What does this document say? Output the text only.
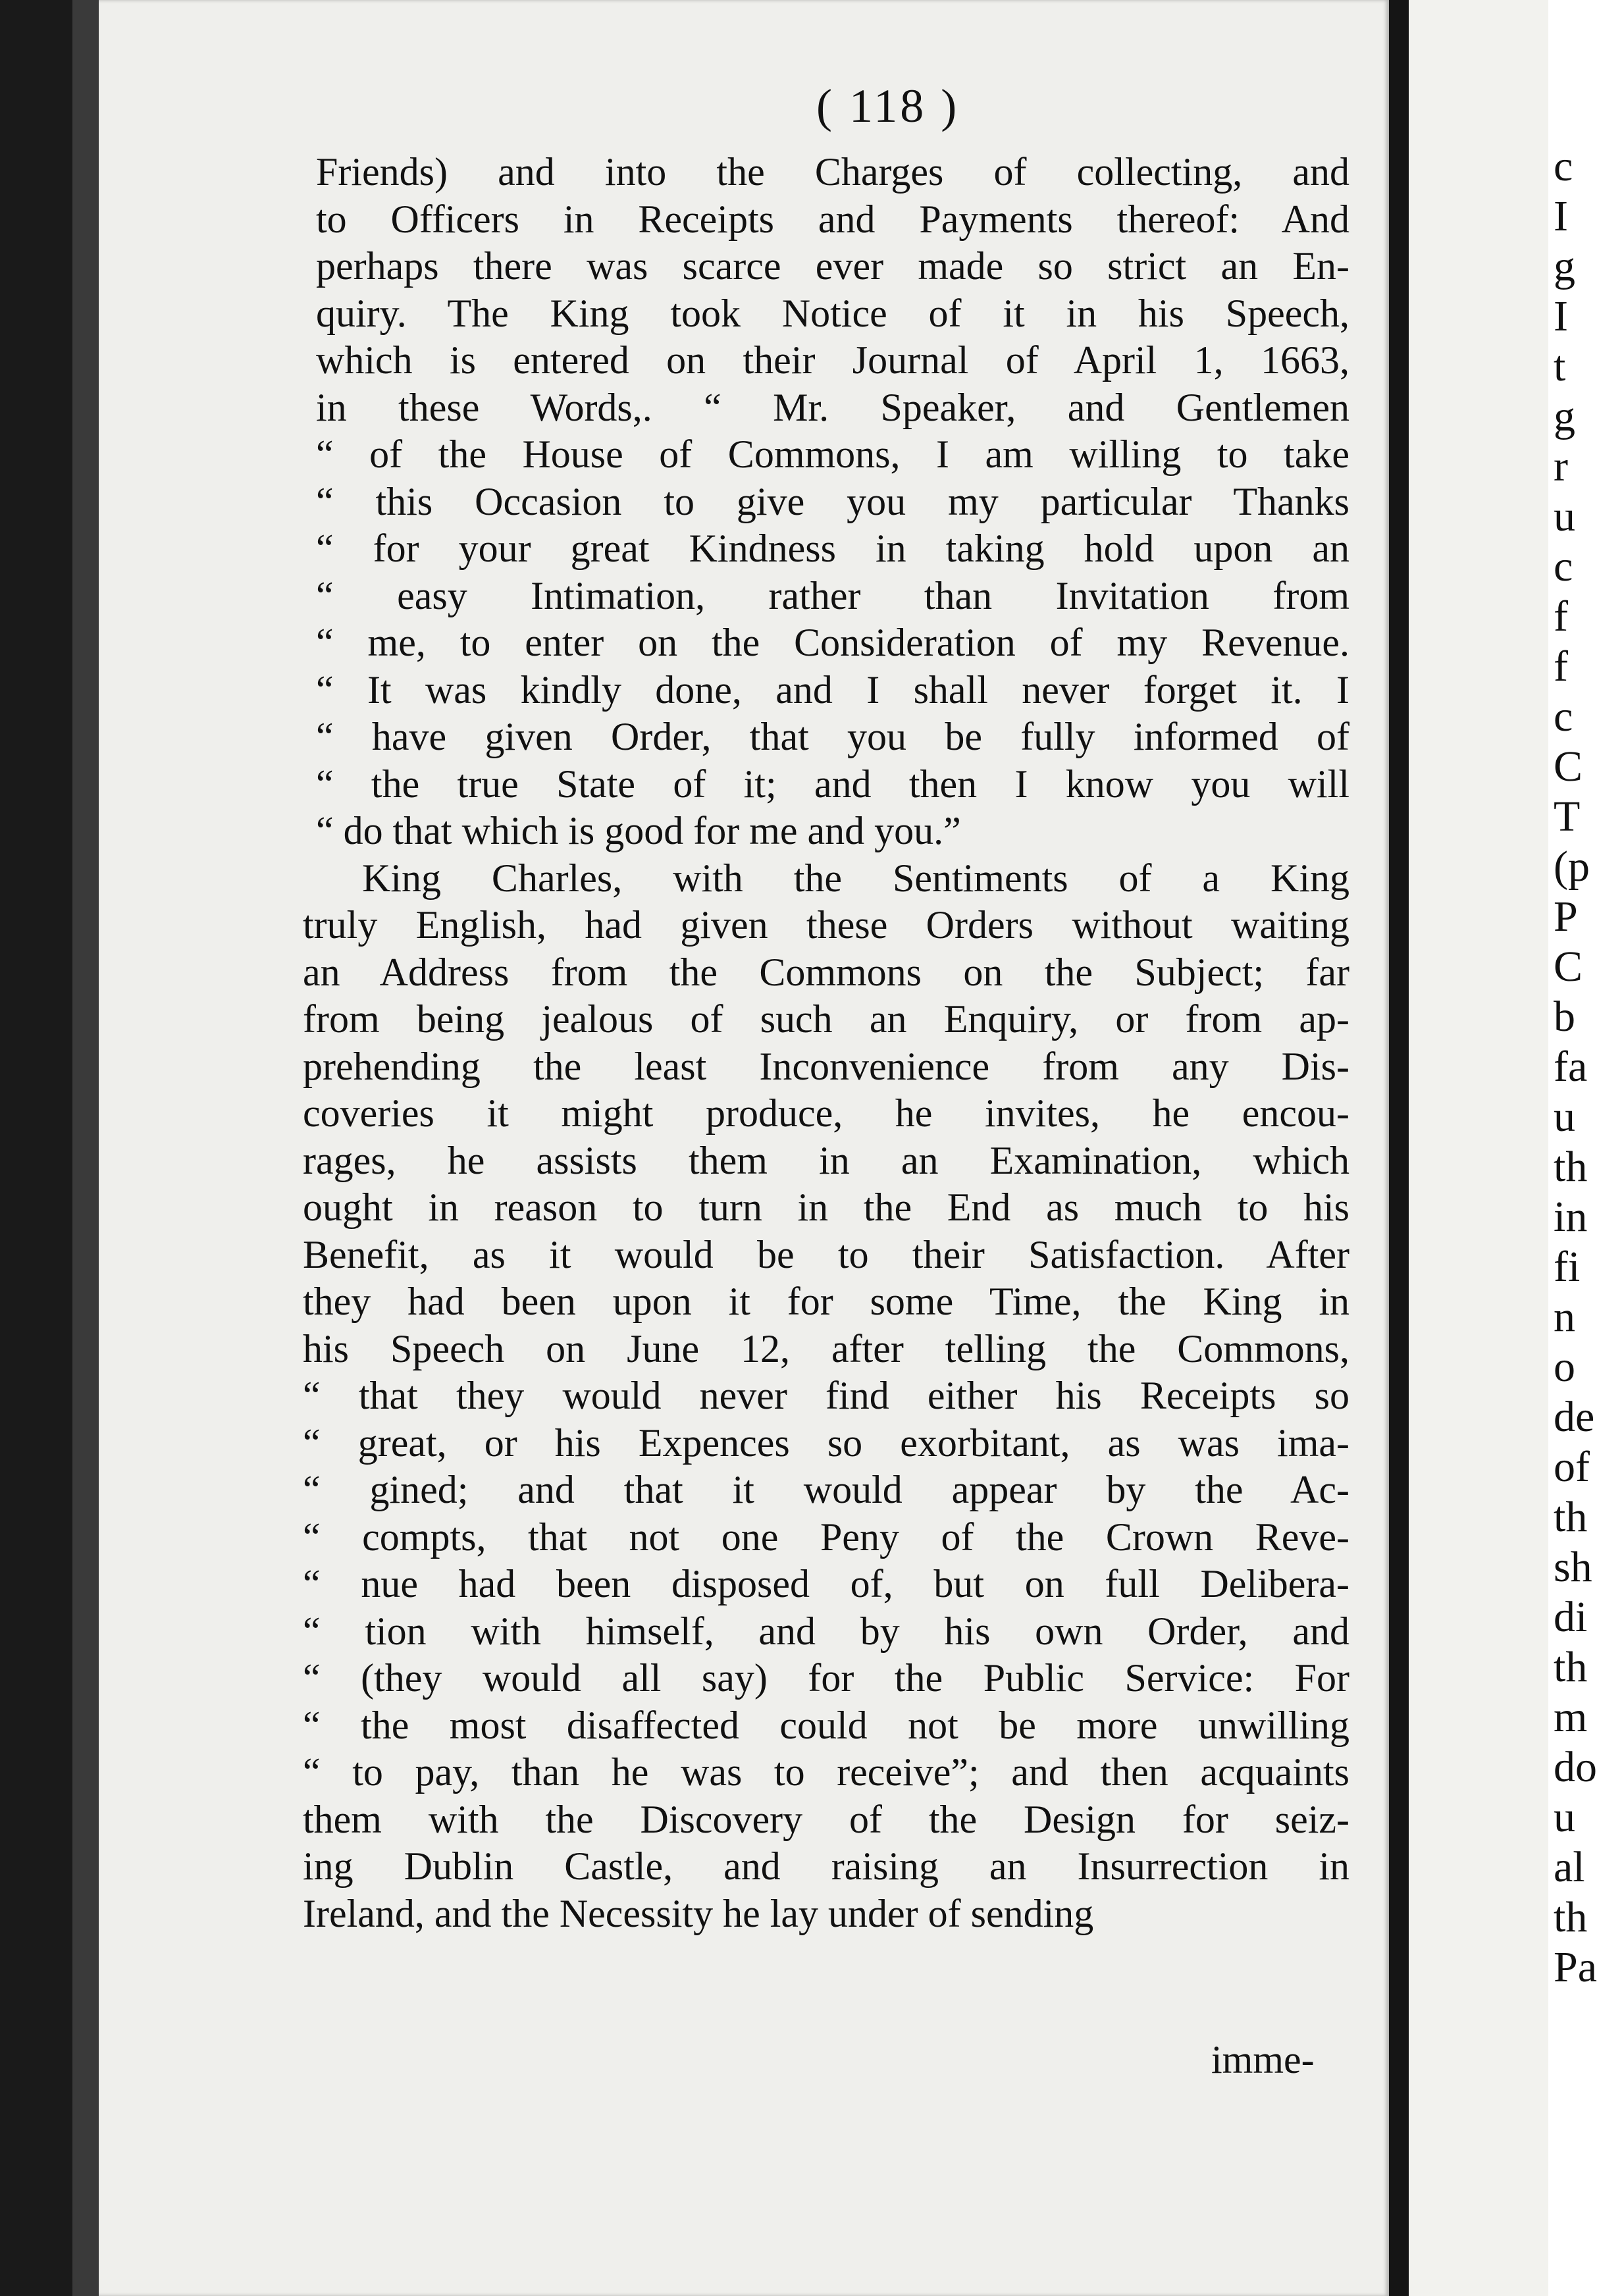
( 118 )
Friends) and into the Charges of collecting, and
to Officers in Receipts and Payments thereof: And
perhaps there was scarce ever made so strict an En-
quiry. The King took Notice of it in his Speech,
which is entered on their Journal of April 1, 1663,
in these Words,. “ Mr. Speaker, and Gentlemen
“ of the House of Commons, I am willing to take
“ this Occasion to give you my particular Thanks
“ for your great Kindness in taking hold upon an
“ easy Intimation, rather than Invitation from
“ me, to enter on the Consideration of my Revenue.
“ It was kindly done, and I shall never forget it. I
“ have given Order, that you be fully informed of
“ the true State of it; and then I know you will
“ do that which is good for me and you.”
King Charles, with the Sentiments of a King
truly English, had given these Orders without waiting
an Address from the Commons on the Subject; far
from being jealous of such an Enquiry, or from ap-
prehending the least Inconvenience from any Dis-
coveries it might produce, he invites, he encou-
rages, he assists them in an Examination, which
ought in reason to turn in the End as much to his
Benefit, as it would be to their Satisfaction. After
they had been upon it for some Time, the King in
his Speech on June 12, after telling the Commons,
“ that they would never find either his Receipts so
“ great, or his Expences so exorbitant, as was ima-
“ gined; and that it would appear by the Ac-
“ compts, that not one Peny of the Crown Reve-
“ nue had been disposed of, but on full Delibera-
“ tion with himself, and by his own Order, and
“ (they would all say) for the Public Service: For
“ the most disaffected could not be more unwilling
“ to pay, than he was to receive”; and then acquaints
them with the Discovery of the Design for seiz-
ing Dublin Castle, and raising an Insurrection in
Ireland, and the Necessity he lay under of sending
imme-
c
I
g
I
t
g
r
u
c
f
f
c
C
T
(p
P
C
b
fa
u
th
in
fi
n
o
de
of
th
sh
di
th
m
do
u
al
th
Pa
